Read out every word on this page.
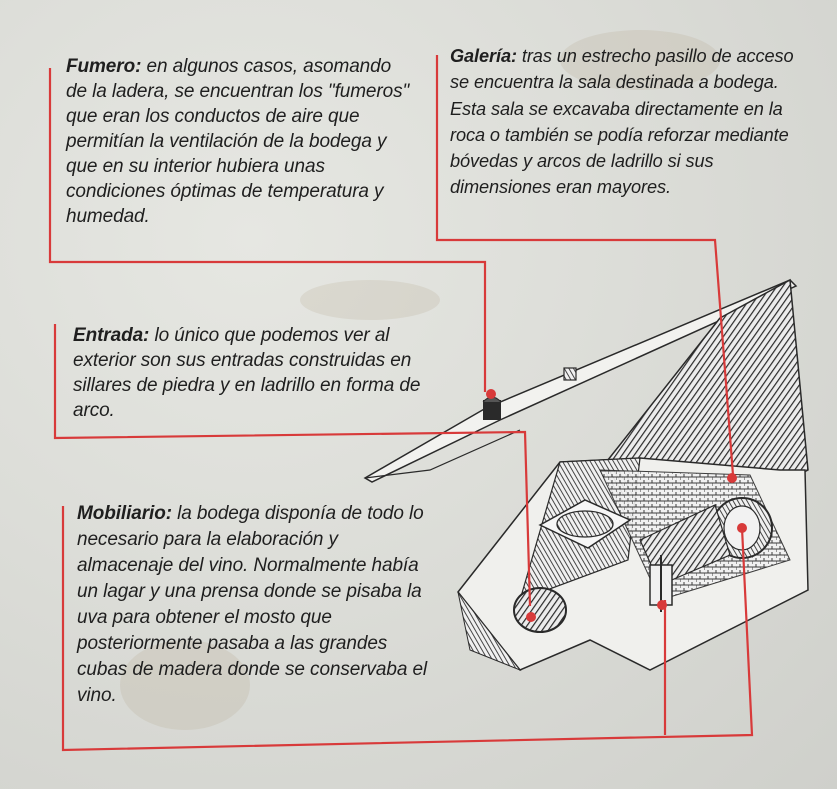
Fumero: en algunos casos, asomando de la ladera, se encuentran los "fumeros" que eran los conductos de aire que permitían la ventilación de la bodega y que en su interior hubiera unas condiciones óptimas de temperatura y humedad.
Galería: tras un estrecho pasillo de acceso se encuentra la sala destinada a bodega. Esta sala se excavaba directamente en la roca o también se podía reforzar mediante bóvedas y arcos de ladrillo si sus dimensiones eran mayores.
Entrada: lo único que podemos ver al exterior son sus entradas construidas en sillares de piedra y en ladrillo en forma de arco.
Mobiliario: la bodega disponía de todo lo necesario para la elaboración y almacenaje del vino. Normalmente había un lagar y una prensa donde se pisaba la uva para obtener el mosto que posteriormente pasaba a las grandes cubas de madera donde se conservaba el vino.
